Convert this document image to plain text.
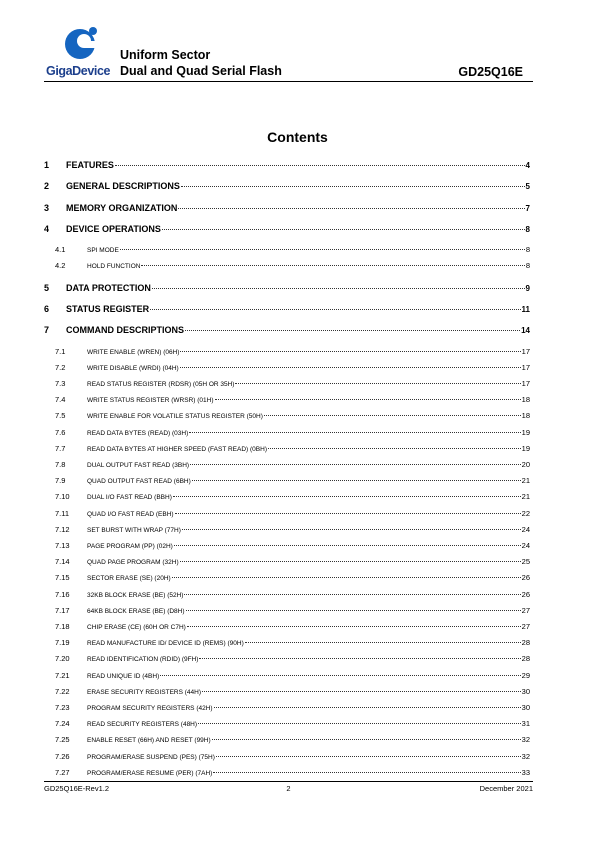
GigaDevice
Uniform Sector
Dual and Quad Serial Flash	GD25Q16E
Contents
1	FEATURES	4
2	GENERAL DESCRIPTIONS	5
3	MEMORY ORGANIZATION	7
4	DEVICE OPERATIONS	8
4.1	SPI MODE	8
4.2	HOLD FUNCTION	8
5	DATA PROTECTION	9
6	STATUS REGISTER	11
7	COMMAND DESCRIPTIONS	14
7.1	WRITE ENABLE (WREN) (06H)	17
7.2	WRITE DISABLE (WRDI) (04H)	17
7.3	READ STATUS REGISTER (RDSR) (05H OR 35H)	17
7.4	WRITE STATUS REGISTER (WRSR) (01H)	18
7.5	WRITE ENABLE FOR VOLATILE STATUS REGISTER (50H)	18
7.6	READ DATA BYTES (READ) (03H)	19
7.7	READ DATA BYTES AT HIGHER SPEED (FAST READ) (0BH)	19
7.8	DUAL OUTPUT FAST READ (3BH)	20
7.9	QUAD OUTPUT FAST READ (6BH)	21
7.10	DUAL I/O FAST READ (BBH)	21
7.11	QUAD I/O FAST READ (EBH)	22
7.12	SET BURST WITH WRAP (77H)	24
7.13	PAGE PROGRAM (PP) (02H)	24
7.14	QUAD PAGE PROGRAM (32H)	25
7.15	SECTOR ERASE (SE) (20H)	26
7.16	32KB BLOCK ERASE (BE) (52H)	26
7.17	64KB BLOCK ERASE (BE) (D8H)	27
7.18	CHIP ERASE (CE) (60H OR C7H)	27
7.19	READ MANUFACTURE ID/ DEVICE ID (REMS) (90H)	28
7.20	READ IDENTIFICATION (RDID) (9FH)	28
7.21	READ UNIQUE ID (4BH)	29
7.22	ERASE SECURITY REGISTERS (44H)	30
7.23	PROGRAM SECURITY REGISTERS (42H)	30
7.24	READ SECURITY REGISTERS (48H)	31
7.25	ENABLE RESET (66H) AND RESET (99H)	32
7.26	PROGRAM/ERASE SUSPEND (PES) (75H)	32
7.27	PROGRAM/ERASE RESUME (PER) (7AH)	33
GD25Q16E-Rev1.2	2	December 2021
